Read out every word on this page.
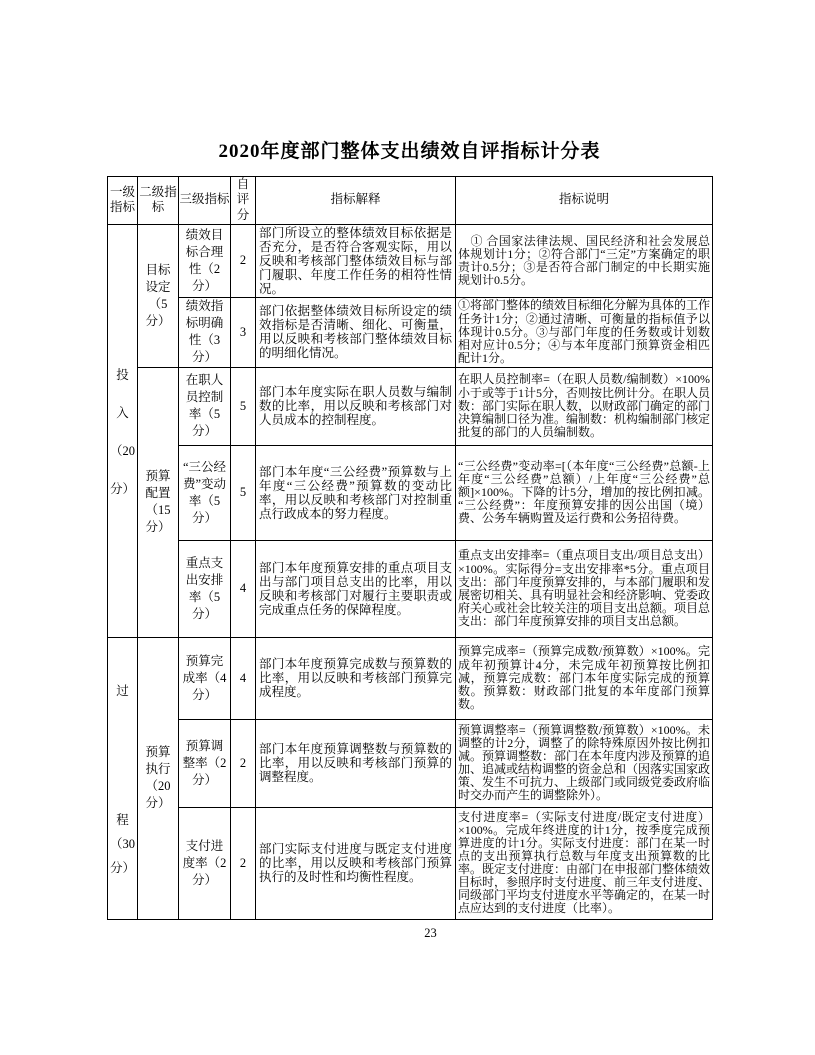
2020年度部门整体支出绩效自评指标计分表
一级指标	二级指标	三级指标	自评分	指标解释	指标说明

投
入
（20
分）	目标设定（5分）	绩效目标合理性（2分）	2	部门所设立的整体绩效目标依据是否充分，是否符合客观实际，用以反映和考核部门整体绩效目标与部门履职、年度工作任务的相符性情况。	　① 合国家法律法规、国民经济和社会发展总体规划计1分；②符合部门“三定”方案确定的职责计0.5分；③是否符合部门制定的中长期实施规划计0.5分。
		绩效指标明确性（3分）	3	部门依据整体绩效目标所设定的绩效指标是否清晰、细化、可衡量，用以反映和考核部门整体绩效目标的明细化情况。	①将部门整体的绩效目标细化分解为具体的工作任务计1分；②通过清晰、可衡量的指标值予以体现计0.5分。③与部门年度的任务数或计划数相对应计0.5分；④与本年度部门预算资金相匹配计1分。
	预算配置（15分）	在职人员控制率（5分）	5	部门本年度实际在职人员数与编制数的比率，用以反映和考核部门对人员成本的控制程度。	在职人员控制率=（在职人员数/编制数）×100%小于或等于1计5分，否则按比例计分。在职人员数：部门实际在职人数，以财政部门确定的部门决算编制口径为准。编制数：机构编制部门核定批复的部门的人员编制数。
		“三公经费”变动率（5分）	5	部门本年度“三公经费”预算数与上年度“三公经费”预算数的变动比率，用以反映和考核部门对控制重点行政成本的努力程度。	“三公经费”变动率=[（本年度“三公经费”总额-上年度“三公经费”总额）/上年度“三公经费”总额]×100%。下降的计5分，增加的按比例扣减。“三公经费”：年度预算安排的因公出国（境）费、公务车辆购置及运行费和公务招待费。
		重点支出安排率（5分）	4	部门本年度预算安排的重点项目支出与部门项目总支出的比率，用以反映和考核部门对履行主要职责或完成重点任务的保障程度。	重点支出安排率=（重点项目支出/项目总支出）×100%。实际得分=支出安排率*5分。重点项目支出：部门年度预算安排的，与本部门履职和发展密切相关、具有明显社会和经济影响、党委政府关心或社会比较关注的项目支出总额。项目总支出：部门年度预算安排的项目支出总额。

过
程
（30
分）	预算执行（20分）	预算完成率（4分）	4	部门本年度预算完成数与预算数的比率，用以反映和考核部门预算完成程度。	预算完成率=（预算完成数/预算数）×100%。完成年初预算计4分，未完成年初预算按比例扣减，预算完成数：部门本年度实际完成的预算数。预算数：财政部门批复的本年度部门预算数。
		预算调整率（2分）	2	部门本年度预算调整数与预算数的比率，用以反映和考核部门预算的调整程度。	预算调整率=（预算调整数/预算数）×100%。未调整的计2分，调整了的除特殊原因外按比例扣减。预算调整数：部门在本年度内涉及预算的追加、追减或结构调整的资金总和（因落实国家政策、发生不可抗力、上级部门或同级党委政府临时交办而产生的调整除外）。
		支付进度率（2分）	2	部门实际支付进度与既定支付进度的比率，用以反映和考核部门预算执行的及时性和均衡性程度。	支付进度率=（实际支付进度/既定支付进度）×100%。完成年终进度的计1分，按季度完成预算进度的计1分。实际支付进度：部门在某一时点的支出预算执行总数与年度支出预算数的比率。既定支付进度：由部门在申报部门整体绩效目标时，参照序时支付进度、前三年支付进度、同级部门平均支付进度水平等确定的，在某一时点应达到的支付进度（比率）。
23
